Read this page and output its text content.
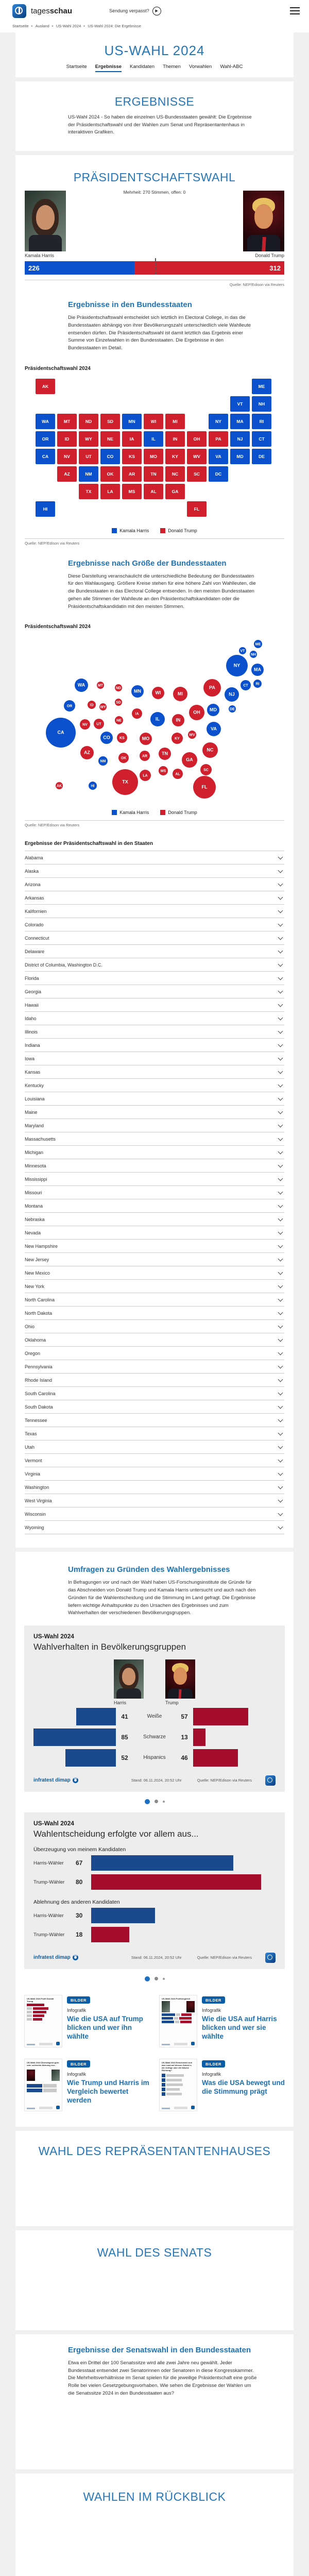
tagesschau	Sendung verpasst?	▶
Startseite ▸ Ausland ▸ US-Wahl 2024 ▸ US-Wahl 2024: Die Ergebnisse
US-WAHL 2024
Startseite Ergebnisse Kandidaten Themen Vorwahlen Wahl-ABC
ERGEBNISSE

US-Wahl 2024 - So haben die einzelnen US-Bundesstaaten gewählt: Die Ergebnisse der Präsidentschaftswahl und der Wahlen zum Senat und Repräsentantenhaus in interaktiven Grafiken.

PRÄSIDENTSCHAFTSWAHL
Mehrheit: 270 Stimmen, offen: 0
Kamala Harris	Donald Trump
226	312
Quelle: NEP/Edison via Reuters
Ergebnisse in den Bundesstaaten

Die Präsidentschaftswahl entscheidet sich letztlich im Electoral College, in das die Bundesstaaten abhängig von ihrer Bevölkerungszahl unterschiedlich viele Wahlleute entsenden dürfen. Die Präsidentschaftswahl ist damit letztlich das Ergebnis einer Summe von Einzelwahlen in den Bundesstaaten. Die Ergebnisse in den Bundesstaaten im Detail.

Präsidentschaftswahl 2024
AK	ME
VT	NH
WA	MT	ND	SD	MN	WI	MI	NY	MA	RI
OR	ID	WY	NE	IA	IL	IN	OH	PA	NJ	CT
CA	NV	UT	CO	KS	MO	KY	WV	VA	MD	DE
AZ	NM	OK	AR	TN	NC	SC	DC
TX	LA	MS	AL	GA
HI	FL
Kamala Harris	Donald Trump
Quelle: NEP/Edison via Reuters
Ergebnisse nach Größe der Bundesstaaten

Diese Darstellung veranschaulicht die unterschiedliche Bedeutung der Bundesstaaten für den Wahlausgang. Größere Kreise stehen für eine höhere Zahl von Wahlleuten, die die Bundesstaaten in das Electoral College entsenden. In den meisten Bundesstaaten gehen alle Stimmen der Wahlleute an den Präsidentschaftskandidaten oder die Präsidentschaftskandidatin mit den meisten Stimmen.

Präsidentschaftswahl 2024
ME
VT
NH
NY
MA
WA	MT
ND
MN	WI	MI
PA
NJ
CT RI
OR	ID
WY
SD
IA
IL	IN
OH MD	DE
NV UT
NE
CO	KS	MO	KY
WV
VA
CA
AZ
NM
OK
AR
TN
NC
GA
SC
MS
AL
LA
TX
FL
AK	HI
Kamala Harris	Donald Trump
Quelle: NEP/Edison via Reuters
Ergebnisse der Präsidentschaftswahl in den Staaten
Alabama
Alaska
Arizona
Arkansas
Kalifornien
Colorado
Connecticut
Delaware
District of Columbia, Washington D.C.
Florida
Georgia
Hawaii
Idaho
Illinois
Indiana
Iowa
Kansas
Kentucky
Louisiana
Maine
Maryland
Massachusetts
Michigan
Minnesota
Mississippi
Missouri
Montana
Nebraska
Nevada
New Hampshire
New Jersey
New Mexico
New York
North Carolina
North Dakota
Ohio
Oklahoma
Oregon
Pennsylvania
Rhode Island
South Carolina
South Dakota
Tennessee
Texas
Utah
Vermont
Virginia
Washington
West Virginia
Wisconsin
Wyoming
Umfragen zu Gründen des Wahlergebnisses

In Befragungen vor und nach der Wahl haben US-Forschungsinstitute die Gründe für das Abschneiden von Donald Trump und Kamala Harris untersucht und auch nach den Gründen für die Wahlentscheidung und die Stimmung im Land gefragt. Die Ergebnisse liefern wichtige Anhaltspunkte zu den Ursachen des Ergebnisses und zum Wahlverhalten der verschiedenen Bevölkerungsgruppen.

US-Wahl 2024
Wahlverhalten in Bevölkerungsgruppen
Harris	Trump
41	Weiße	57
85	Schwarze 13
52	Hispanics 46
infratest dimap	Stand: 06.11.2024, 20:52 Uhr	Quelle: NEP/Edison via Reuters
US-Wahl 2024
Wahlentscheidung erfolgte vor allem aus...
Überzeugung von meinem Kandidaten
Harris-Wähler	67
Trump-Wähler	80
Ablehnung des anderen Kandidaten
Harris-Wähler	30
Trump-Wähler	18
infratest dimap	Stand: 06.11.2024, 20:52 Uhr	Quelle: NEP/Edison via Reuters
US-Wahl 2024 Profil Donald Trump	BILDER
Infografik
Wie die USA auf Trump blicken und wer ihn wählte
US-Wahl 2024 Profilvergleich	BILDER
Infografik
Wie die USA auf Harris blicken und wer sie wählte
US-Wahl 2024 Überwiegend gute- oder schlechte Meinung von...	BILDER
Infografik
Wie Trump und Harris im Vergleich bewertet werden
US-Wahl 2024 Entscheidet sich das Land auf diesem Gebiet in die richtige oder die falsche Richtung?
BILDER
Infografik
Was die USA bewegt und die Stimmung prägt
WAHL DES REPRÄSENTANTENHAUSES
WAHL DES SENATS
Ergebnisse der Senatswahl in den Bundesstaaten

Etwa ein Drittel der 100 Senatssitze wird alle zwei Jahre neu gewählt. Jeder Bundesstaat entsendet zwei Senatorinnen oder Senatoren in diese Kongresskammer. Die Mehrheitsverhältnisse im Senat spielen für die jeweilige Präsidentschaft eine große Rolle bei vielen Gesetzgebungsvorhaben. Wie sehen die Ergebnisse der Wahlen um die Senatssitze 2024 in den Bundesstaaten aus?

WAHLEN IM RÜCKBLICK
